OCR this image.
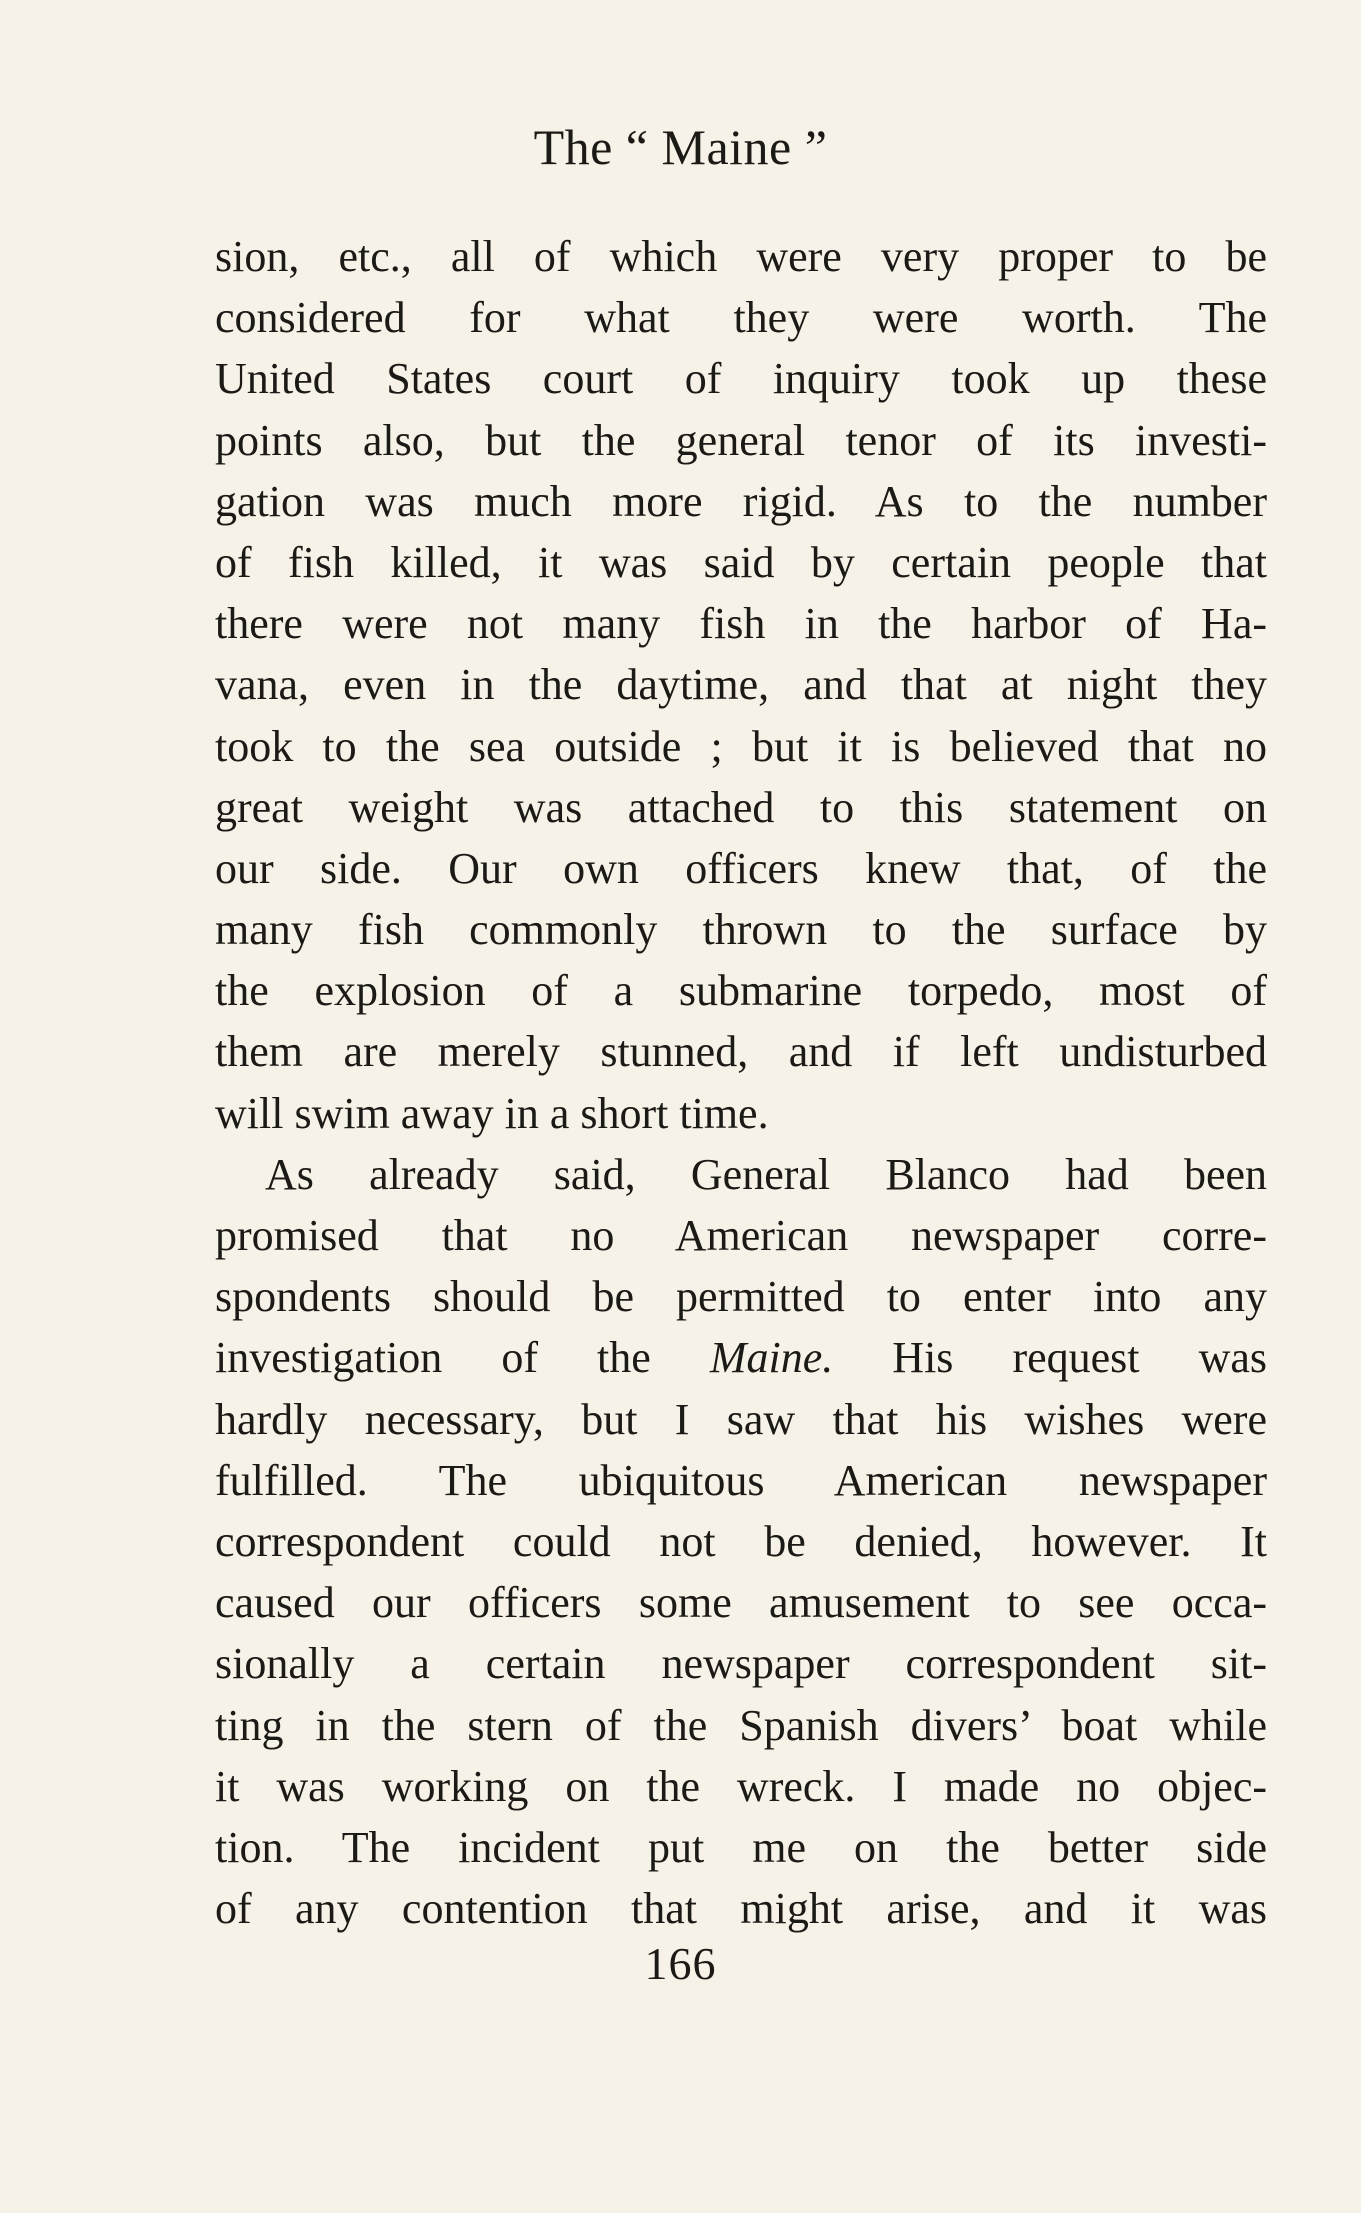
The “ Maine ”
sion, etc., all of which were very proper to be
considered for what they were worth. The
United States court of inquiry took up these
points also, but the general tenor of its investi-
gation was much more rigid. As to the number
of fish killed, it was said by certain people that
there were not many fish in the harbor of Ha-
vana, even in the daytime, and that at night they
took to the sea outside ; but it is believed that no
great weight was attached to this statement on
our side. Our own officers knew that, of the
many fish commonly thrown to the surface by
the explosion of a submarine torpedo, most of
them are merely stunned, and if left undisturbed
will swim away in a short time.
As already said, General Blanco had been
promised that no American newspaper corre-
spondents should be permitted to enter into any
investigation of the Maine. His request was
hardly necessary, but I saw that his wishes were
fulfilled. The ubiquitous American newspaper
correspondent could not be denied, however. It
caused our officers some amusement to see occa-
sionally a certain newspaper correspondent sit-
ting in the stern of the Spanish divers’ boat while
it was working on the wreck. I made no objec-
tion. The incident put me on the better side
of any contention that might arise, and it was
166
